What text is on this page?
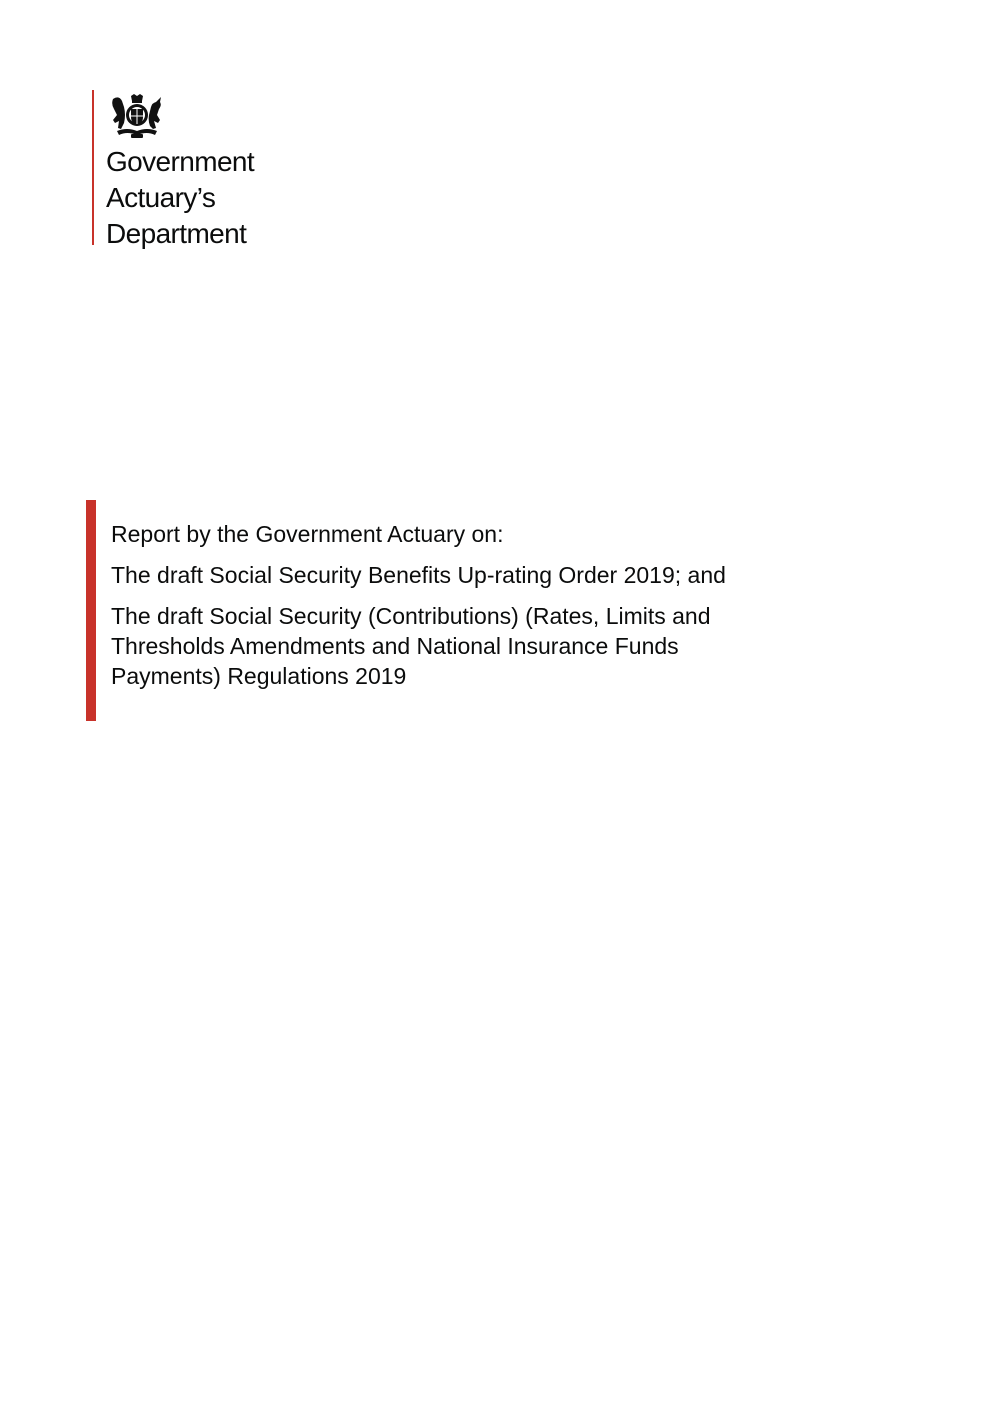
Government
Actuary’s
Department

Report by the Government Actuary on:

The draft Social Security Benefits Up-rating Order 2019; and

The draft Social Security (Contributions) (Rates, Limits and
Thresholds Amendments and National Insurance Funds
Payments) Regulations 2019
